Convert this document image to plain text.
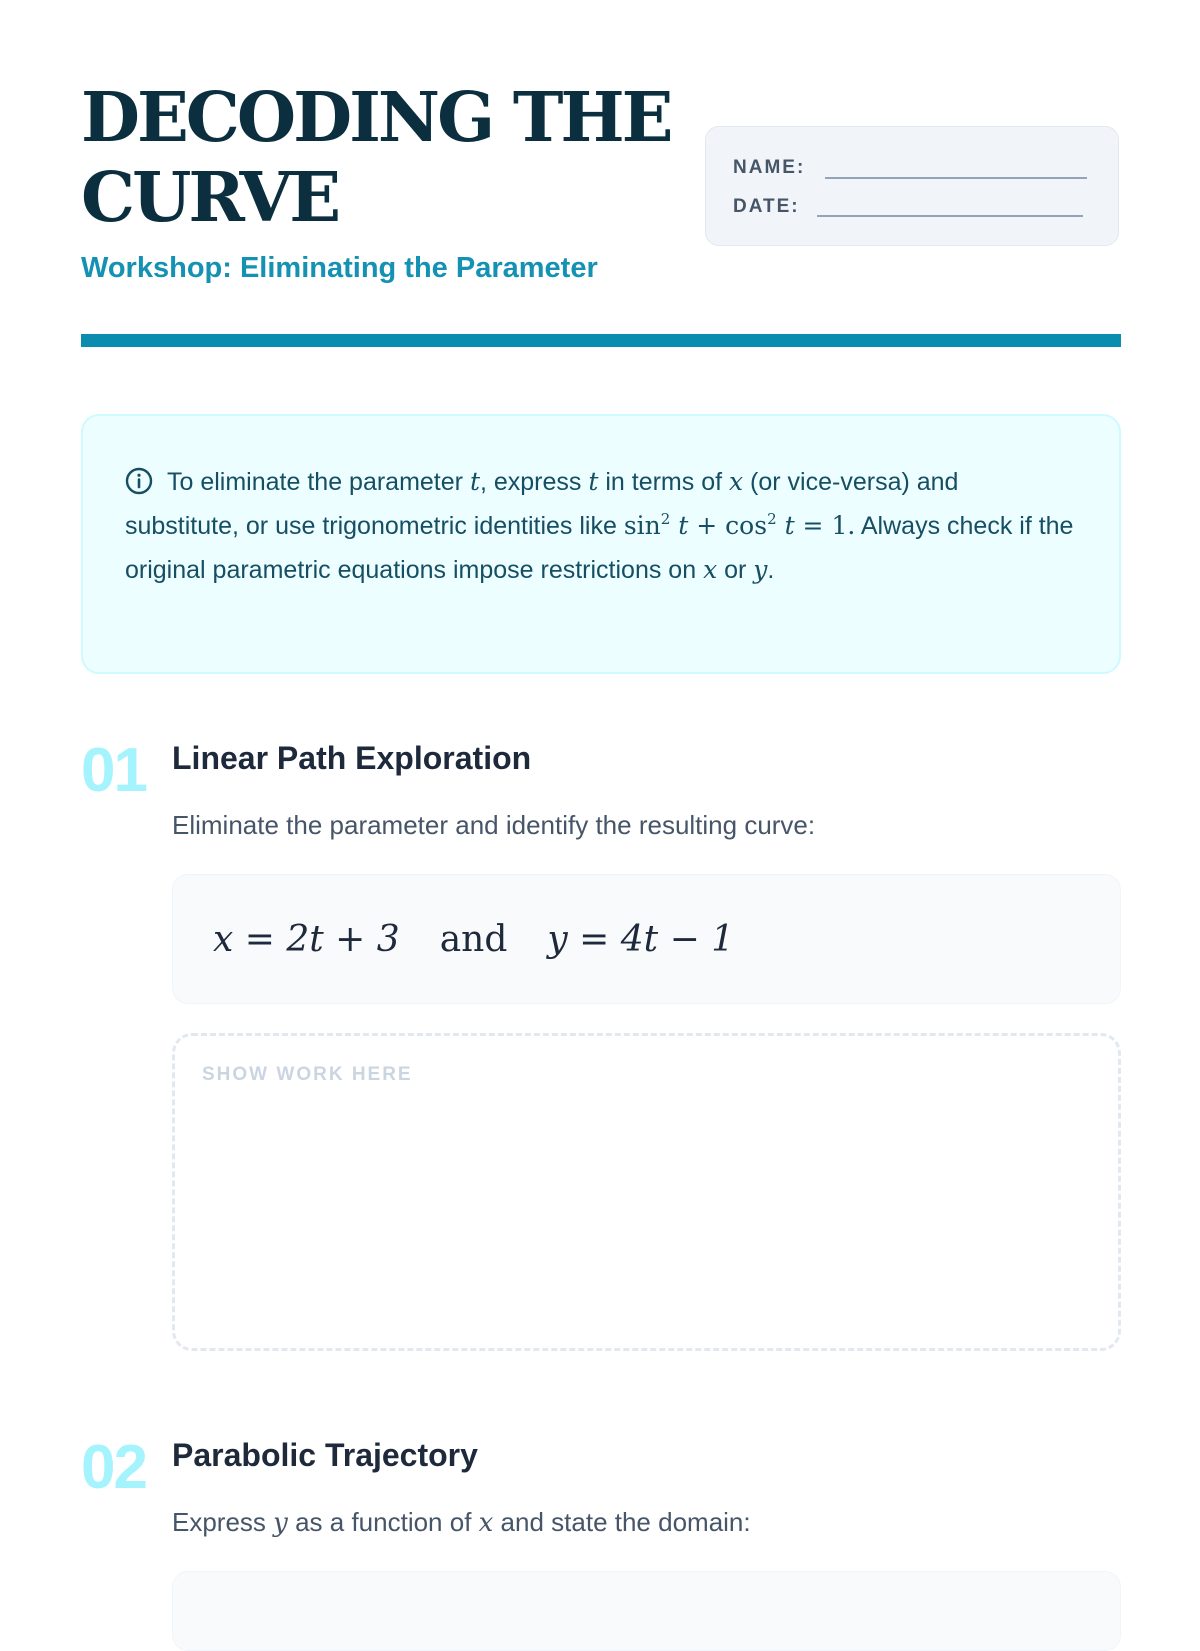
DECODING THE
CURVE
Workshop: Eliminating the Parameter
NAME:
DATE:
To eliminate the parameter t, express t in terms of x (or vice-versa) and substitute, or use trigonometric identities like $\sin^2 t + \cos^2 t = 1$. Always check if the original parametric equations impose restrictions on x or y.
01 Linear Path Exploration
Eliminate the parameter and identify the resulting curve:
x = 2t + 3 and y = 4t − 1
SHOW WORK HERE
02 Parabolic Trajectory
Express y as a function of x and state the domain:
